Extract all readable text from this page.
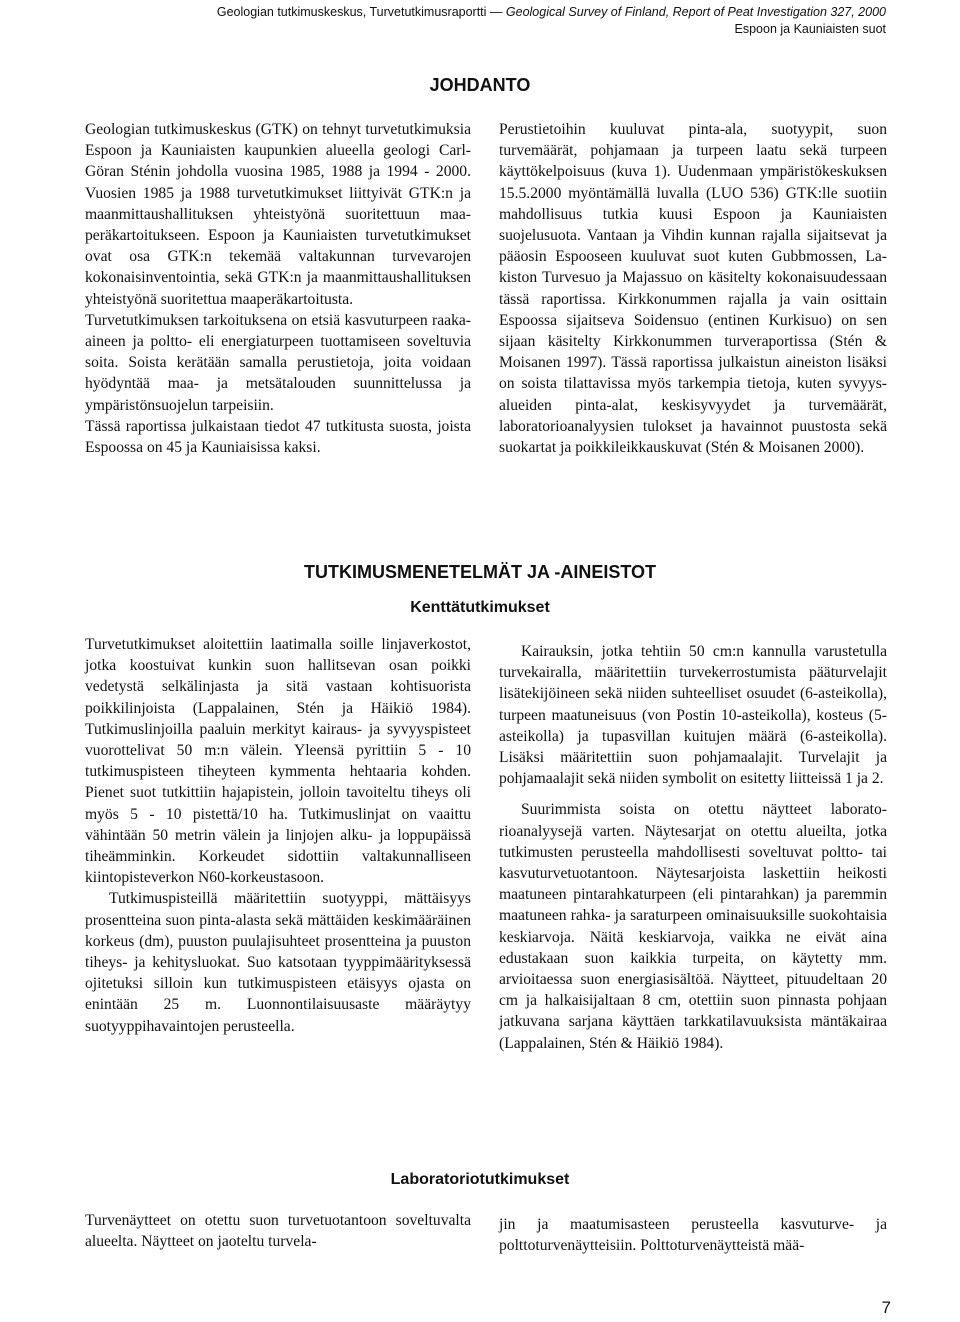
Geologian tutkimuskeskus, Turvetutkimusraportti — Geological Survey of Finland, Report of Peat Investigation 327, 2000
Espoon ja Kauniaisten suot
JOHDANTO

Geologian tutkimuskeskus (GTK) on tehnyt turvetutkimuksia Espoon ja Kauniaisten kaupunkien alueella geologi Carl-Göran Sténin johdolla vuosina 1985, 1988 ja 1994 - 2000. Vuosien 1985 ja 1988 turvetutkimukset liittyivät GTK:n ja maanmittaushallituksen yhteistyönä suoritettuun maaperäkartoitukseen. Espoon ja Kauniaisten turvetutkimukset ovat osa GTK:n tekemää valtakunnan turvevarojen kokonaisinventointia, sekä GTK:n ja maanmittaushallituksen yhteistyönä suoritettua maaperäkartoitusta.

Turvetutkimuksen tarkoituksena on etsiä kasvuturpeen raaka-aineen ja poltto- eli energiaturpeen tuottamiseen soveltuvia soita. Soista kerätään samalla perustietoja, joita voidaan hyödyntää maa- ja metsätalouden suunnittelussa ja ympäristönsuojelun tarpeisiin.

Tässä raportissa julkaistaan tiedot 47 tutkitusta suosta, joista Espoossa on 45 ja Kauniaisissa kaksi.

Perustietoihin kuuluvat pinta-ala, suotyypit, suon turvemäärät, pohjamaan ja turpeen laatu sekä turpeen käyttökelpoisuus (kuva 1). Uudenmaan ympäristökeskuksen 15.5.2000 myöntämällä luvalla (LUO 536) GTK:lle suotiin mahdollisuus tutkia kuusi Espoon ja Kauniaisten suojelusuota. Vantaan ja Vihdin kunnan rajalla sijaitsevat ja pääosin Espooseen kuuluvat suot kuten Gubbmossen, Lakiston Turvesuo ja Majassuo on käsitelty kokonaisuudessaan tässä raportissa. Kirkkonummen rajalla ja vain osittain Espoossa sijaitseva Soidensuo (entinen Kurkisuo) on sen sijaan käsitelty Kirkkonummen turveraportissa (Stén & Moisanen 1997). Tässä raportissa julkaistun aineiston lisäksi on soista tilattavissa myös tarkempia tietoja, kuten syvyysalueiden pinta-alat, keskisyvyydet ja turvemäärät, laboratorioanalyysien tulokset ja havainnot puustosta sekä suokartat ja poikkileikkauskuvat (Stén & Moisanen 2000).

TUTKIMUSMENETELMÄT JA -AINEISTOT
Kenttätutkimukset

Turvetutkimukset aloitettiin laatimalla soille linjaverkostot, jotka koostuivat kunkin suon hallitsevan osan poikki vedetystä selkälinjasta ja sitä vastaan kohtisuorista poikkilinjoista (Lappalainen, Stén ja Häikiö 1984). Tutkimuslinjoilla paaluin merkityt kairaus- ja syvyyspisteet vuorottelivat 50 m:n välein. Yleensä pyrittiin 5 - 10 tutkimuspisteen tiheyteen kymmenta hehtaaria kohden. Pienet suot tutkittiin hajapistein, jolloin tavoiteltu tiheys oli myös 5 - 10 pistettä/10 ha. Tutkimuslinjat on vaaittu vähintään 50 metrin välein ja linjojen alku- ja loppupäissä tiheämminkin. Korkeudet sidottiin valtakunnalliseen kiintopisteverkon N60-korkeustasoon.

Tutkimuspisteillä määritettiin suotyyppi, mättäisyys prosentteina suon pinta-alasta sekä mättäiden keskimääräinen korkeus (dm), puuston puulajisuhteet prosentteina ja puuston tiheys- ja kehitysluokat. Suo katsotaan tyyppimäärityksessä ojitetuksi silloin kun tutkimuspisteen etäisyys ojasta on enintään 25 m. Luonnontilaisuusaste määräytyy suotyyppihavaintojen perusteella.

Kairauksin, jotka tehtiin 50 cm:n kannulla varustetulla turvekairalla, määritettiin turvekerrostumista pääturvelajit lisätekijöineen sekä niiden suhteelliset osuudet (6-asteikolla), turpeen maatuneisuus (von Postin 10-asteikolla), kosteus (5-asteikolla) ja tupasvillan kuitujen määrä (6-asteikolla). Lisäksi määritettiin suon pohjamaalajit. Turvelajit ja pohjamaalajit sekä niiden symbolit on esitetty liitteissä 1 ja 2.

Suurimmista soista on otettu näytteet laboratorioanalyysejä varten. Näytesarjat on otettu alueilta, jotka tutkimusten perusteella mahdollisesti soveltuvat poltto- tai kasvuturvetuotantoon. Näytesarjoista laskettiin heikosti maatuneen pintarahkaturpeen (eli pintarahkan) ja paremmin maatuneen rahka- ja saraturpeen ominaisuuksille suokohtaisia keskiarvoja. Näitä keskiarvoja, vaikka ne eivät aina edustakaan suon kaikkia turpeita, on käytetty mm. arvioitaessa suon energiasisältöä. Näytteet, pituudeltaan 20 cm ja halkaisijaltaan 8 cm, otettiin suon pinnasta pohjaan jatkuvana sarjana käyttäen tarkkatilavuuksista mäntäkairaa (Lappalainen, Stén & Häikiö 1984).

Laboratoriotutkimukset

Turvenäytteet on otettu suon turvetuotantoon soveltuvalta alueelta. Näytteet on jaoteltu turvela-

jin ja maatumisasteen perusteella kasvuturve- ja polttoturvenäytteisiin. Polttoturvenäytteistä mää-

7
